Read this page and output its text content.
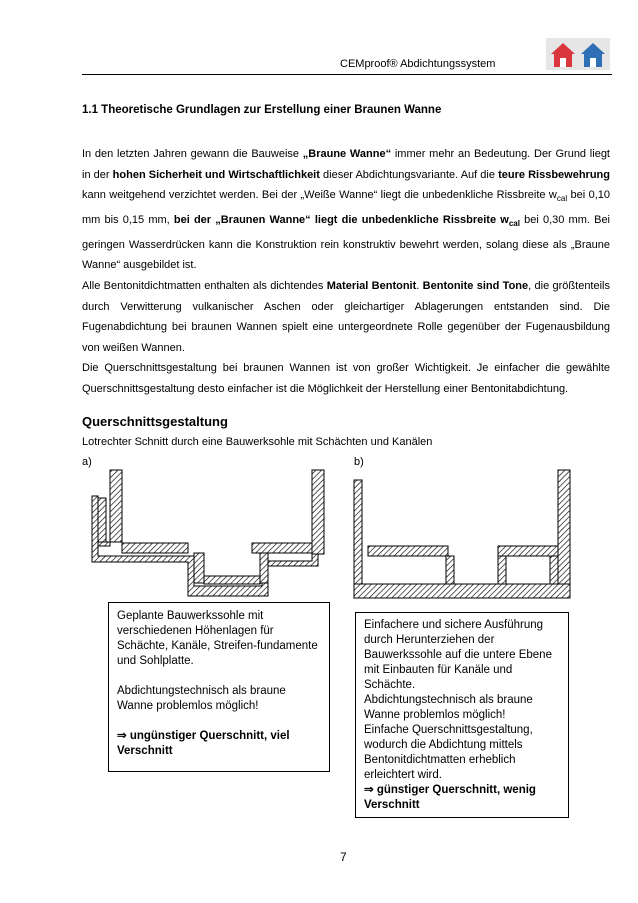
CEMproof® Abdichtungssystem
1.1 Theoretische Grundlagen zur Erstellung einer Braunen Wanne

In den letzten Jahren gewann die Bauweise „Braune Wanne“ immer mehr an Bedeutung. Der Grund liegt in der hohen Sicherheit und Wirtschaftlichkeit dieser Abdichtungsvariante. Auf die teure Rissbewehrung kann weitgehend verzichtet werden. Bei der „Weiße Wanne“ liegt die unbedenkliche Rissbreite $w_{cal}$ bei 0,10 mm bis 0,15 mm, bei der „Braunen Wanne“ liegt die unbedenkliche Rissbreite $w_{cal}$ bei 0,30 mm. Bei geringen Wasserdrücken kann die Konstruktion rein konstruktiv bewehrt werden, solang diese als „Braune Wanne“ ausgebildet ist.

Alle Bentonitdichtmatten enthalten als dichtendes Material Bentonit. Bentonite sind Tone, die größtenteils durch Verwitterung vulkanischer Aschen oder gleichartiger Ablagerungen entstanden sind. Die Fugenabdichtung bei braunen Wannen spielt eine untergeordnete Rolle gegenüber der Fugenausbildung von weißen Wannen.

Die Querschnittsgestaltung bei braunen Wannen ist von großer Wichtigkeit. Je einfacher die gewählte Querschnittsgestaltung desto einfacher ist die Möglichkeit der Herstellung einer Bentonitabdichtung.

Querschnittsgestaltung
Lotrechter Schnitt durch eine Bauwerksohle mit Schächten und Kanälen
a)	b)

Geplante Bauwerkssohle mit verschiedenen Höhenlagen für Schächte, Kanäle, Streifen-fundamente und Sohlplatte.

Abdichtungstechnisch als braune Wanne problemlos möglich!

⇒ ungünstiger Querschnitt, viel Verschnitt

Einfachere und sichere Ausführung durch Herunterziehen der Bauwerkssohle auf die untere Ebene mit Einbauten für Kanäle und Schächte.

Abdichtungstechnisch als braune Wanne problemlos möglich!

Einfache Querschnittsgestaltung, wodurch die Abdichtung mittels Bentonitdichtmatten erheblich erleichtert wird.

⇒ günstiger Querschnitt, wenig Verschnitt

7
